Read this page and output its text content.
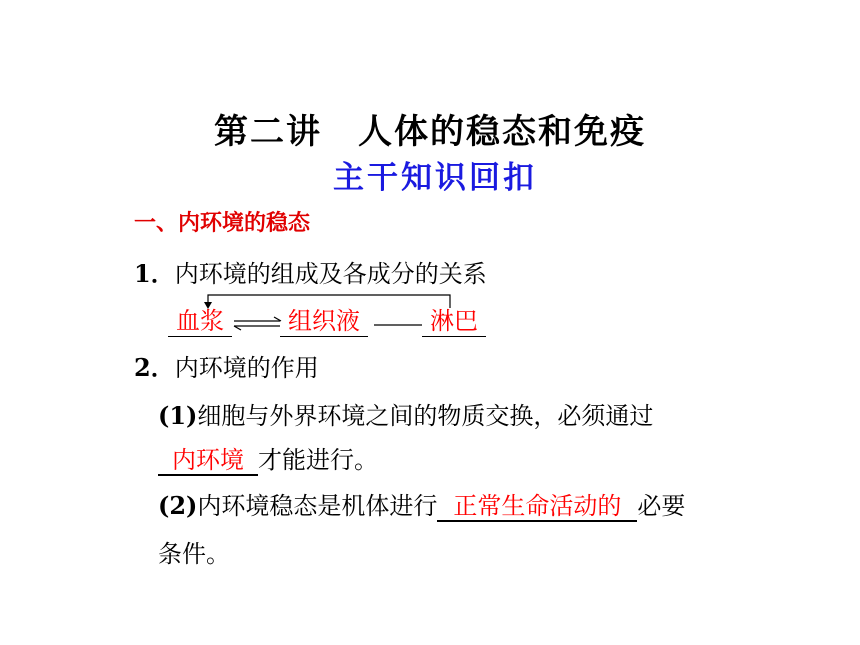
第二讲　人体的稳态和免疫
主干知识回扣
一、内环境的稳态
1．内环境的组成及各成分的关系
血浆	组织液	淋巴
2．内环境的作用
(1)细胞与外界环境之间的物质交换，必须通过
内环境 才能进行。
(2)内环境稳态是机体进行 正常生命活动的 必要
条件。
